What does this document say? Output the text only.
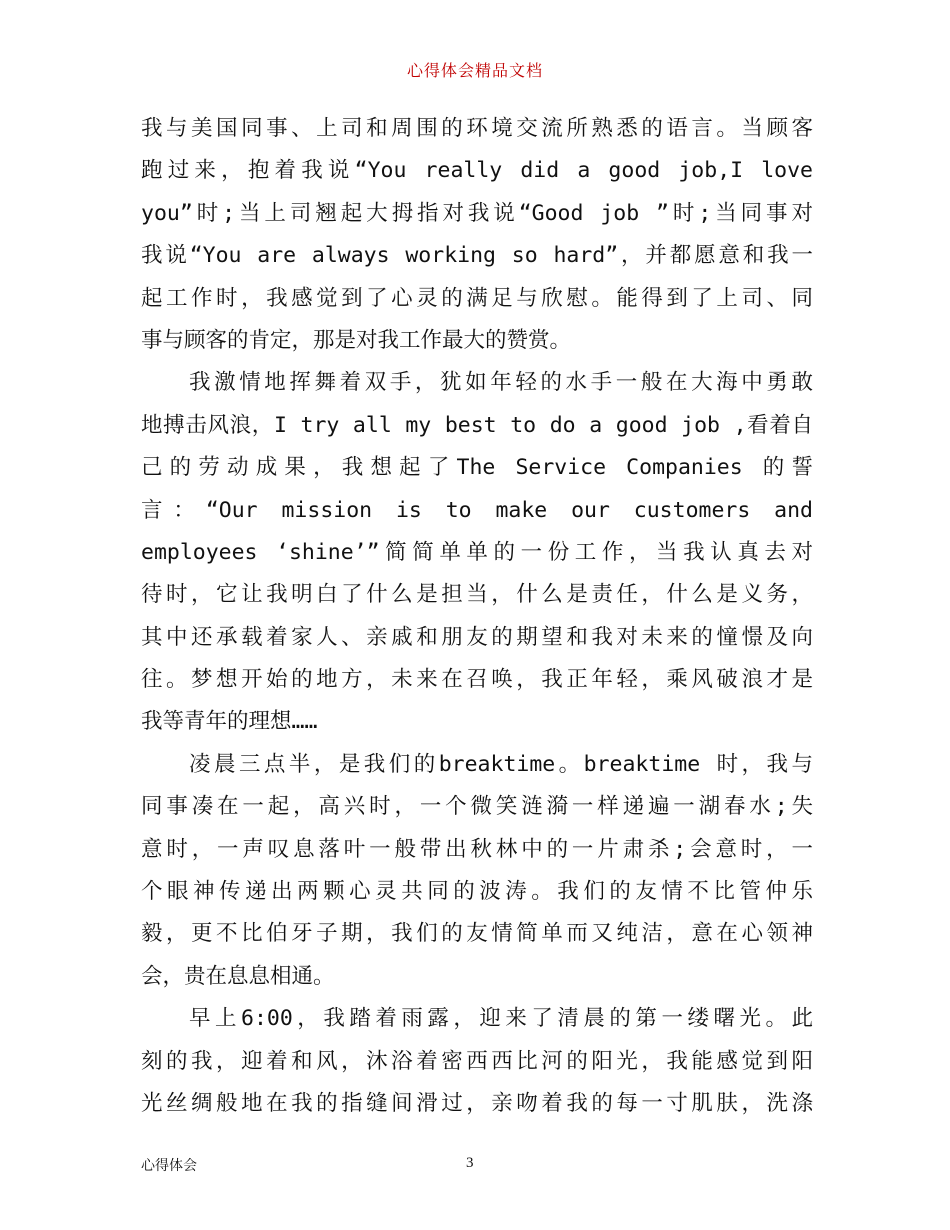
心得体会精品文档
我与美国同事、上司和周围的环境交流所熟悉的语言。当顾客
跑过来，抱着我说“You really did a good job,I love
you”时;当上司翘起大拇指对我说“Good job ”时;当同事对
我说“You are always working so hard”，并都愿意和我一
起工作时，我感觉到了心灵的满足与欣慰。能得到了上司、同
事与顾客的肯定，那是对我工作最大的赞赏。
我激情地挥舞着双手，犹如年轻的水手一般在大海中勇敢
地搏击风浪，I try all my best to do a good job ,看着自
己的劳动成果，我想起了The Service Companies 的誓
言：“Our mission is to make our customers and
employees ‘shine’”简简单单的一份工作，当我认真去对
待时，它让我明白了什么是担当，什么是责任，什么是义务，
其中还承载着家人、亲戚和朋友的期望和我对未来的憧憬及向
往。梦想开始的地方，未来在召唤，我正年轻，乘风破浪才是
我等青年的理想……
凌晨三点半，是我们的breaktime。breaktime 时，我与
同事凑在一起，高兴时，一个微笑涟漪一样递遍一湖春水;失
意时，一声叹息落叶一般带出秋林中的一片肃杀;会意时，一
个眼神传递出两颗心灵共同的波涛。我们的友情不比管仲乐
毅，更不比伯牙子期，我们的友情简单而又纯洁，意在心领神
会，贵在息息相通。
早上6:00，我踏着雨露，迎来了清晨的第一缕曙光。此
刻的我，迎着和风，沐浴着密西西比河的阳光，我能感觉到阳
光丝绸般地在我的指缝间滑过，亲吻着我的每一寸肌肤，洗涤
心得体会	3
